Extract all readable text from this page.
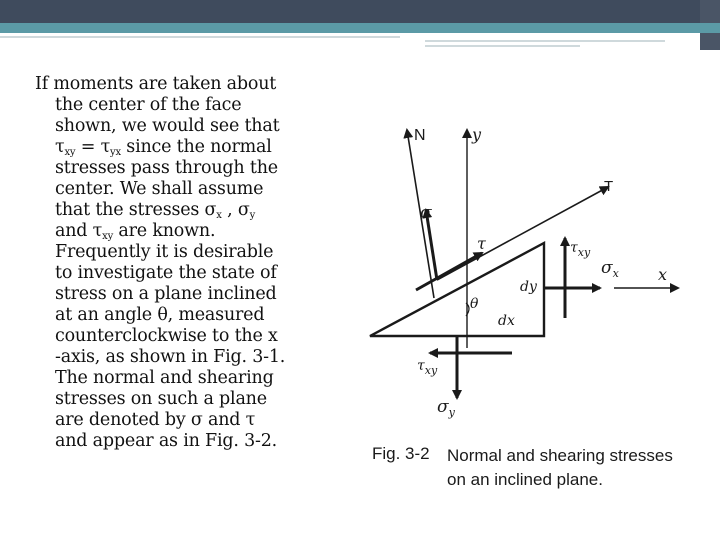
If moments are taken about
the center of the face
shown, we would see that
$\tau_{xy} = \tau_{yx}$ since the normal
stresses pass through the
center. We shall assume
that the stresses $\sigma_x$ , $\sigma_y$
and $\tau_{xy}$ are known.
Frequently it is desirable
to investigate the state of
stress on a plane inclined
at an angle θ, measured
counterclockwise to the x
-axis, as shown in Fig. 3-1.
The normal and shearing
stresses on such a plane
are denoted by σ and τ
and appear as in Fig. 3-2.
N	y
T
σ
τ	$\tau_{xy}$
$\sigma_x$ x
dy
θ
dx
$\tau_{xy}$
$\sigma_y$
Fig. 3-2 Normal and shearing stresses
on an inclined plane.
